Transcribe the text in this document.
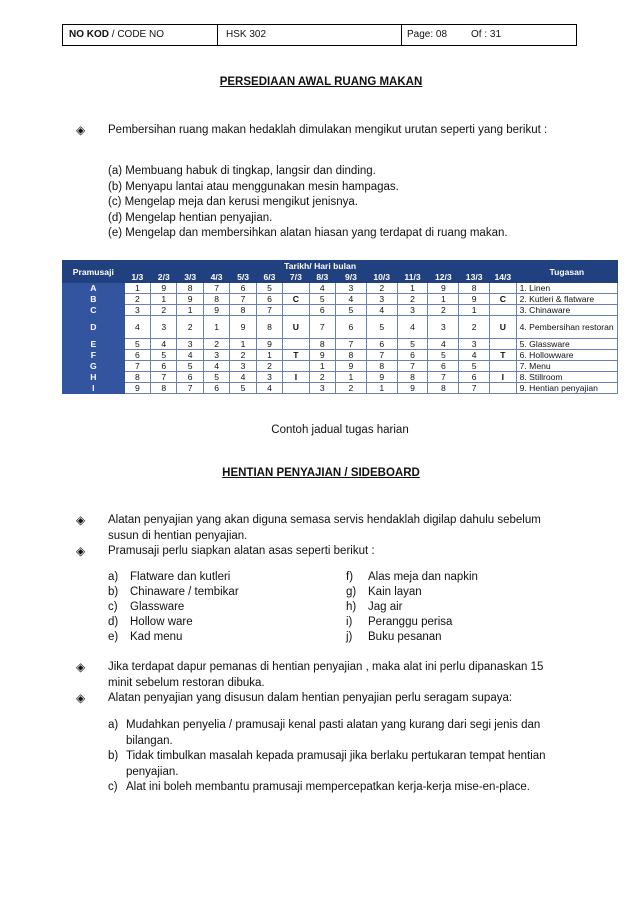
NO KOD / CODE NO	HSK 302	Page: 08 Of : 31
PERSEDIAAN AWAL RUANG MAKAN
◈ Pembersihan ruang makan hedaklah dimulakan mengikut urutan seperti yang berikut :
(a) Membuang habuk di tingkap, langsir dan dinding.
(b) Menyapu lantai atau menggunakan mesin hampagas.
(c) Mengelap meja dan kerusi mengikut jenisnya.
(d) Mengelap hentian penyajian.
(e) Mengelap dan membersihkan alatan hiasan yang terdapat di ruang makan.
Pramusaji	Tarikh/ Hari bulan														Tugasan
	1/3	2/3	3/3	4/3	5/3	6/3	7/3	8/3	9/3	10/3	11/3	12/3	13/3	14/3	
A	1	9	8	7	6	5		4	3	2	1	9	8		1. Linen
B	2	1	9	8	7	6	C	5	4	3	2	1	9	C	2. Kutleri & flatware
C	3	2	1	9	8	7		6	5	4	3	2	1		3. Chinaware
D	4	3	2	1	9	8	U	7	6	5	4	3	2	U	4. Pembersihan restoran
E	5	4	3	2	1	9		8	7	6	5	4	3		5. Glassware
F	6	5	4	3	2	1	T	9	8	7	6	5	4	T	6. Hollowware
G	7	6	5	4	3	2		1	9	8	7	6	5		7. Menu
H	8	7	6	5	4	3	I	2	1	9	8	7	6	I	8. Stillroom
I	9	8	7	6	5	4		3	2	1	9	8	7		9. Hentian penyajian
Contoh jadual tugas harian
HENTIAN PENYAJIAN / SIDEBOARD
◈ Alatan penyajian yang akan diguna semasa servis hendaklah digilap dahulu sebelum susun di hentian penyajian.
◈ Pramusaji perlu siapkan alatan asas seperti berikut :
a) Flatware dan kutleri
b) Chinaware / tembikar
c) Glassware
d) Hollow ware
e) Kad menu
f) Alas meja dan napkin
g) Kain layan
h) Jag air
i) Peranggu perisa
j) Buku pesanan
◈ Jika terdapat dapur pemanas di hentian penyajian , maka alat ini perlu dipanaskan 15 minit sebelum restoran dibuka.
◈ Alatan penyajian yang disusun dalam hentian penyajian perlu seragam supaya:
a) Mudahkan penyelia / pramusaji kenal pasti alatan yang kurang dari segi jenis dan bilangan.
b) Tidak timbulkan masalah kepada pramusaji jika berlaku pertukaran tempat hentian penyajian.
c) Alat ini boleh membantu pramusaji mempercepatkan kerja-kerja mise-en-place.
